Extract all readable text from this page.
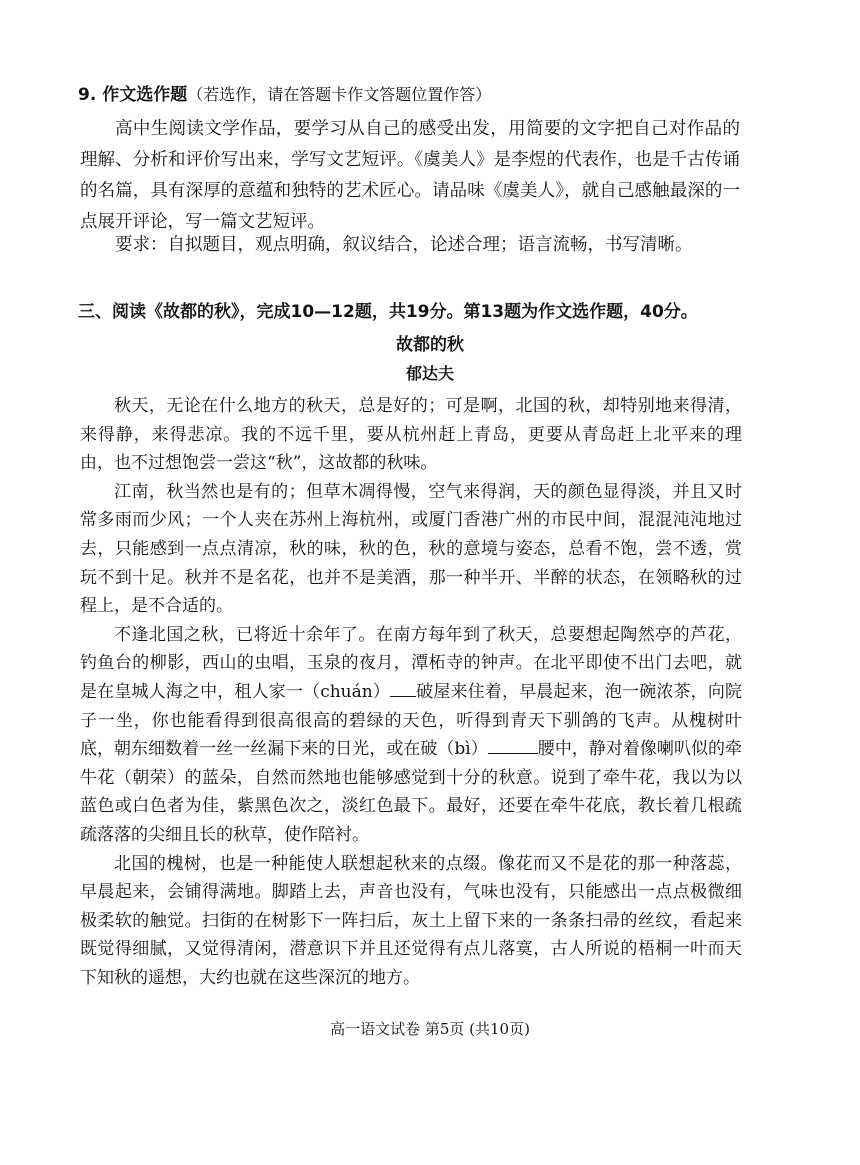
9. 作文选作题（若选作，请在答题卡作文答题位置作答）
高中生阅读文学作品，要学习从自己的感受出发，用简要的文字把自己对作品的理解、分析和评价写出来，学写文艺短评。《虞美人》是李煜的代表作，也是千古传诵的名篇，具有深厚的意蕴和独特的艺术匠心。请品味《虞美人》，就自己感触最深的一点展开评论，写一篇文艺短评。
要求：自拟题目，观点明确，叙议结合，论述合理；语言流畅，书写清晰。
三、阅读《故都的秋》，完成10—12题，共19分。第13题为作文选作题，40分。
故都的秋
郁达夫

秋天，无论在什么地方的秋天，总是好的；可是啊，北国的秋，却特别地来得清，来得静，来得悲凉。我的不远千里，要从杭州赶上青岛，更要从青岛赶上北平来的理由，也不过想饱尝一尝这“秋”，这故都的秋味。

江南，秋当然也是有的；但草木凋得慢，空气来得润，天的颜色显得淡，并且又时常多雨而少风；一个人夹在苏州上海杭州，或厦门香港广州的市民中间，混混沌沌地过去，只能感到一点点清凉，秋的味，秋的色，秋的意境与姿态，总看不饱，尝不透，赏玩不到十足。秋并不是名花，也并不是美酒，那一种半开、半醉的状态，在领略秋的过程上，是不合适的。

不逢北国之秋，已将近十余年了。在南方每年到了秋天，总要想起陶然亭的芦花，钓鱼台的柳影，西山的虫唱，玉泉的夜月，潭柘寺的钟声。在北平即使不出门去吧，就是在皇城人海之中，租人家一（chuán） 破屋来住着，早晨起来，泡一碗浓茶，向院子一坐，你也能看得到很高很高的碧绿的天色，听得到青天下驯鸽的飞声。从槐树叶底，朝东细数着一丝一丝漏下来的日光，或在破（bì）	腰中，静对着像喇叭似的牵牛花（朝荣）的蓝朵，自然而然地也能够感觉到十分的秋意。说到了牵牛花，我以为以蓝色或白色者为佳，紫黑色次之，淡红色最下。最好，还要在牵牛花底，教长着几根疏疏落落的尖细且长的秋草，使作陪衬。

北国的槐树，也是一种能使人联想起秋来的点缀。像花而又不是花的那一种落蕊，早晨起来，会铺得满地。脚踏上去，声音也没有，气味也没有，只能感出一点点极微细极柔软的触觉。扫街的在树影下一阵扫后，灰土上留下来的一条条扫帚的丝纹，看起来既觉得细腻，又觉得清闲，潜意识下并且还觉得有点儿落寞，古人所说的梧桐一叶而天下知秋的遥想，大约也就在这些深沉的地方。

高一语文试卷 第5页 (共10页)
